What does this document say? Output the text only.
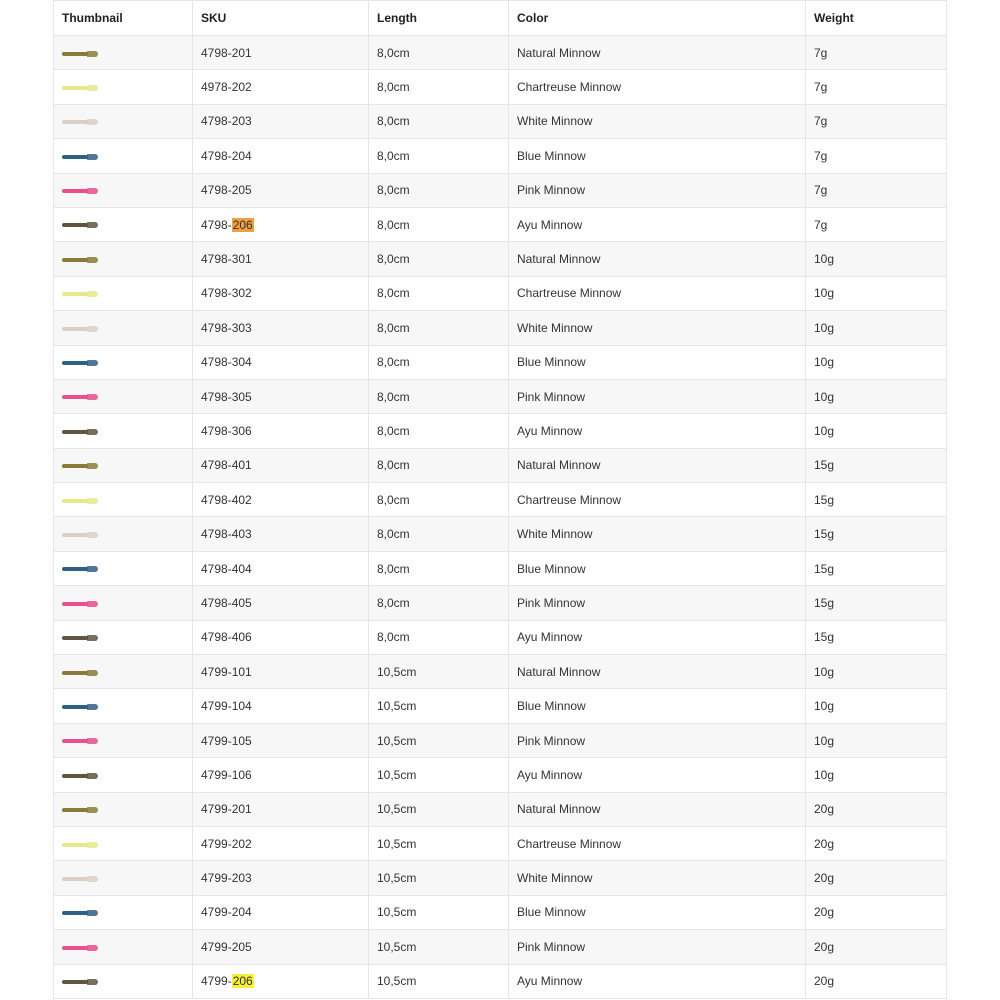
Thumbnail	SKU	Length	Color	Weight

	4798-201	8,0cm	Natural Minnow	7g

	4978-202	8,0cm	Chartreuse Minnow	7g

	4798-203	8,0cm	White Minnow	7g

	4798-204	8,0cm	Blue Minnow	7g

	4798-205	8,0cm	Pink Minnow	7g

	4798-206	8,0cm	Ayu Minnow	7g

	4798-301	8,0cm	Natural Minnow	10g

	4798-302	8,0cm	Chartreuse Minnow	10g

	4798-303	8,0cm	White Minnow	10g

	4798-304	8,0cm	Blue Minnow	10g

	4798-305	8,0cm	Pink Minnow	10g

	4798-306	8,0cm	Ayu Minnow	10g

	4798-401	8,0cm	Natural Minnow	15g

	4798-402	8,0cm	Chartreuse Minnow	15g

	4798-403	8,0cm	White Minnow	15g

	4798-404	8,0cm	Blue Minnow	15g

	4798-405	8,0cm	Pink Minnow	15g

	4798-406	8,0cm	Ayu Minnow	15g

	4799-101	10,5cm	Natural Minnow	10g

	4799-104	10,5cm	Blue Minnow	10g

	4799-105	10,5cm	Pink Minnow	10g

	4799-106	10,5cm	Ayu Minnow	10g

	4799-201	10,5cm	Natural Minnow	20g

	4799-202	10,5cm	Chartreuse Minnow	20g

	4799-203	10,5cm	White Minnow	20g

	4799-204	10,5cm	Blue Minnow	20g

	4799-205	10,5cm	Pink Minnow	20g

	4799-206	10,5cm	Ayu Minnow	20g
